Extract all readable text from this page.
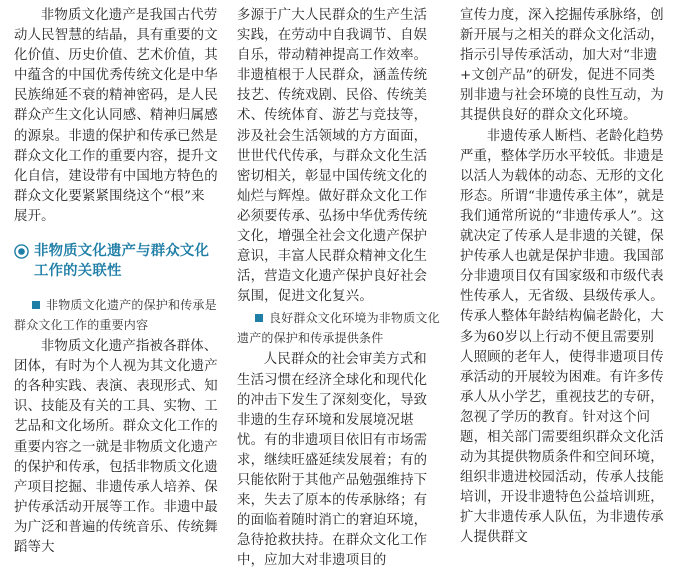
非物质文化遗产是我国古代劳动人民智慧的结晶，具有重要的文化价值、历史价值、艺术价值，其中蕴含的中国优秀传统文化是中华民族绵延不衰的精神密码，是人民群众产生文化认同感、精神归属感的源泉。非遗的保护和传承已然是群众文化工作的重要内容，提升文化自信，建设带有中国地方特色的群众文化要紧紧围绕这个“根”来展开。

非物质文化遗产与群众文化工作的关联性
非物质文化遗产的保护和传承是群众文化工作的重要内容

非物质文化遗产指被各群体、团体，有时为个人视为其文化遗产的各种实践、表演、表现形式、知识、技能及有关的工具、实物、工艺品和文化场所。群众文化工作的重要内容之一就是非物质文化遗产的保护和传承，包括非物质文化遗产项目挖掘、非遗传承人培养、保护传承活动开展等工作。非遗中最为广泛和普遍的传统音乐、传统舞蹈等大

多源于广大人民群众的生产生活实践，在劳动中自我调节、自娱自乐，带动精神提高工作效率。非遗植根于人民群众，涵盖传统技艺、传统戏剧、民俗、传统美术、传统体育、游艺与竞技等，涉及社会生活领域的方方面面，世世代代传承，与群众文化生活密切相关，彰显中国传统文化的灿烂与辉煌。做好群众文化工作必须要传承、弘扬中华优秀传统文化，增强全社会文化遗产保护意识，丰富人民群众精神文化生活，营造文化遗产保护良好社会氛围，促进文化复兴。

良好群众文化环境为非物质文化遗产的保护和传承提供条件

人民群众的社会审美方式和生活习惯在经济全球化和现代化的冲击下发生了深刻变化，导致非遗的生存环境和发展境况堪忧。有的非遗项目依旧有市场需求，继续旺盛延续发展着；有的只能依附于其他产品勉强维持下来，失去了原本的传承脉络；有的面临着随时消亡的窘迫环境，急待抢救扶持。在群众文化工作中，应加大对非遗项目的

宣传力度，深入挖掘传承脉络，创新开展与之相关的群众文化活动，指示引导传承活动，加大对“非遗+文创产品”的研发，促进不同类别非遗与社会环境的良性互动，为其提供良好的群众文化环境。

非遗传承人断档、老龄化趋势严重，整体学历水平较低。非遗是以活人为载体的动态、无形的文化形态。所谓“非遗传承主体”，就是我们通常所说的“非遗传承人”。这就决定了传承人是非遗的关键，保护传承人也就是保护非遗。我国部分非遗项目仅有国家级和市级代表性传承人，无省级、县级传承人。传承人整体年龄结构偏老龄化，大多为60岁以上行动不便且需要别人照顾的老年人，使得非遗项目传承活动的开展较为困难。有许多传承人从小学艺，重视技艺的专研，忽视了学历的教育。针对这个问题，相关部门需要组织群众文化活动为其提供物质条件和空间环境，组织非遗进校园活动，传承人技能培训，开设非遗特色公益培训班，扩大非遗传承人队伍，为非遗传承人提供群文
